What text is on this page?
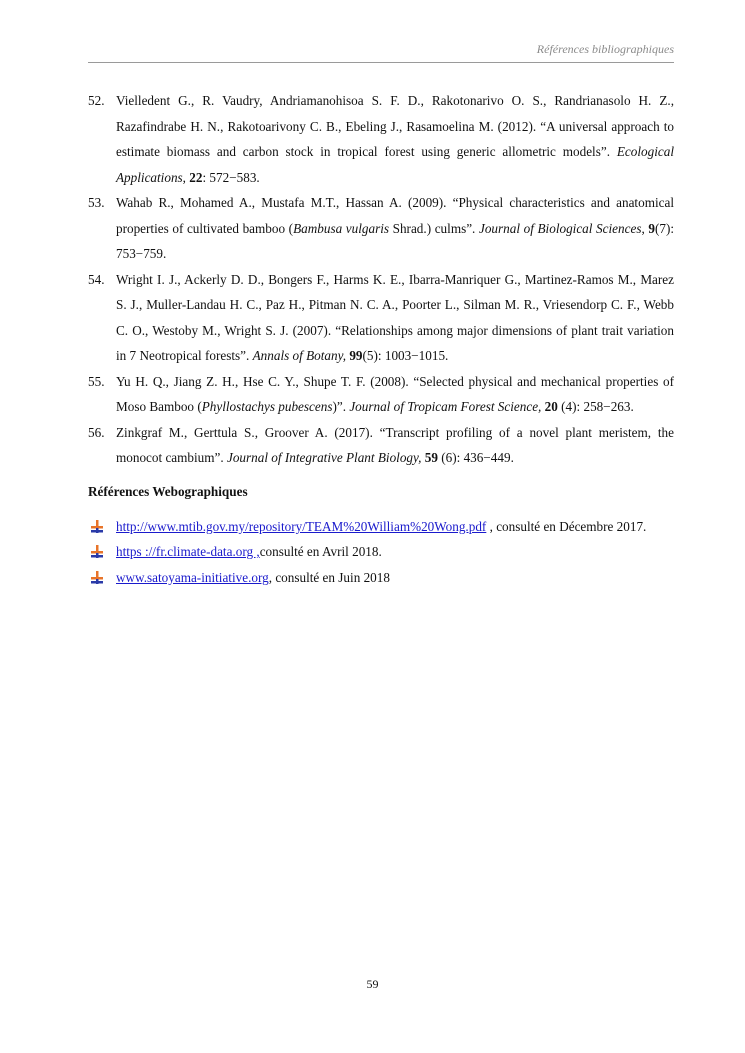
Références bibliographiques
52. Vielledent G., R. Vaudry, Andriamanohisoa S. F. D., Rakotonarivo O. S., Randrianasolo H. Z., Razafindrabe H. N., Rakotoarivony C. B., Ebeling J., Rasamoelina M. (2012). “A universal approach to estimate biomass and carbon stock in tropical forest using generic allometric models”. Ecological Applications, 22: 572−583.
53. Wahab R., Mohamed A., Mustafa M.T., Hassan A. (2009). “Physical characteristics and anatomical properties of cultivated bamboo (Bambusa vulgaris Shrad.) culms”. Journal of Biological Sciences, 9(7): 753−759.
54. Wright I. J., Ackerly D. D., Bongers F., Harms K. E., Ibarra-Manriquer G., Martinez-Ramos M., Marez S. J., Muller-Landau H. C., Paz H., Pitman N. C. A., Poorter L., Silman M. R., Vriesendorp C. F., Webb C. O., Westoby M., Wright S. J. (2007). “Relationships among major dimensions of plant trait variation in 7 Neotropical forests”. Annals of Botany, 99(5): 1003−1015.
55. Yu H. Q., Jiang Z. H., Hse C. Y., Shupe T. F. (2008). “Selected physical and mechanical properties of Moso Bamboo (Phyllostachys pubescens)”. Journal of Tropicam Forest Science, 20 (4): 258−263.
56. Zinkgraf M., Gerttula S., Groover A. (2017). “Transcript profiling of a novel plant meristem, the monocot cambium”. Journal of Integrative Plant Biology, 59 (6): 436−449.
Références Webographiques
http://www.mtib.gov.my/repository/TEAM%20William%20Wong.pdf , consulté en Décembre 2017.
https ://fr.climate-data.org ,consulté en Avril 2018.
www.satoyama-initiative.org, consulté en Juin 2018
59
